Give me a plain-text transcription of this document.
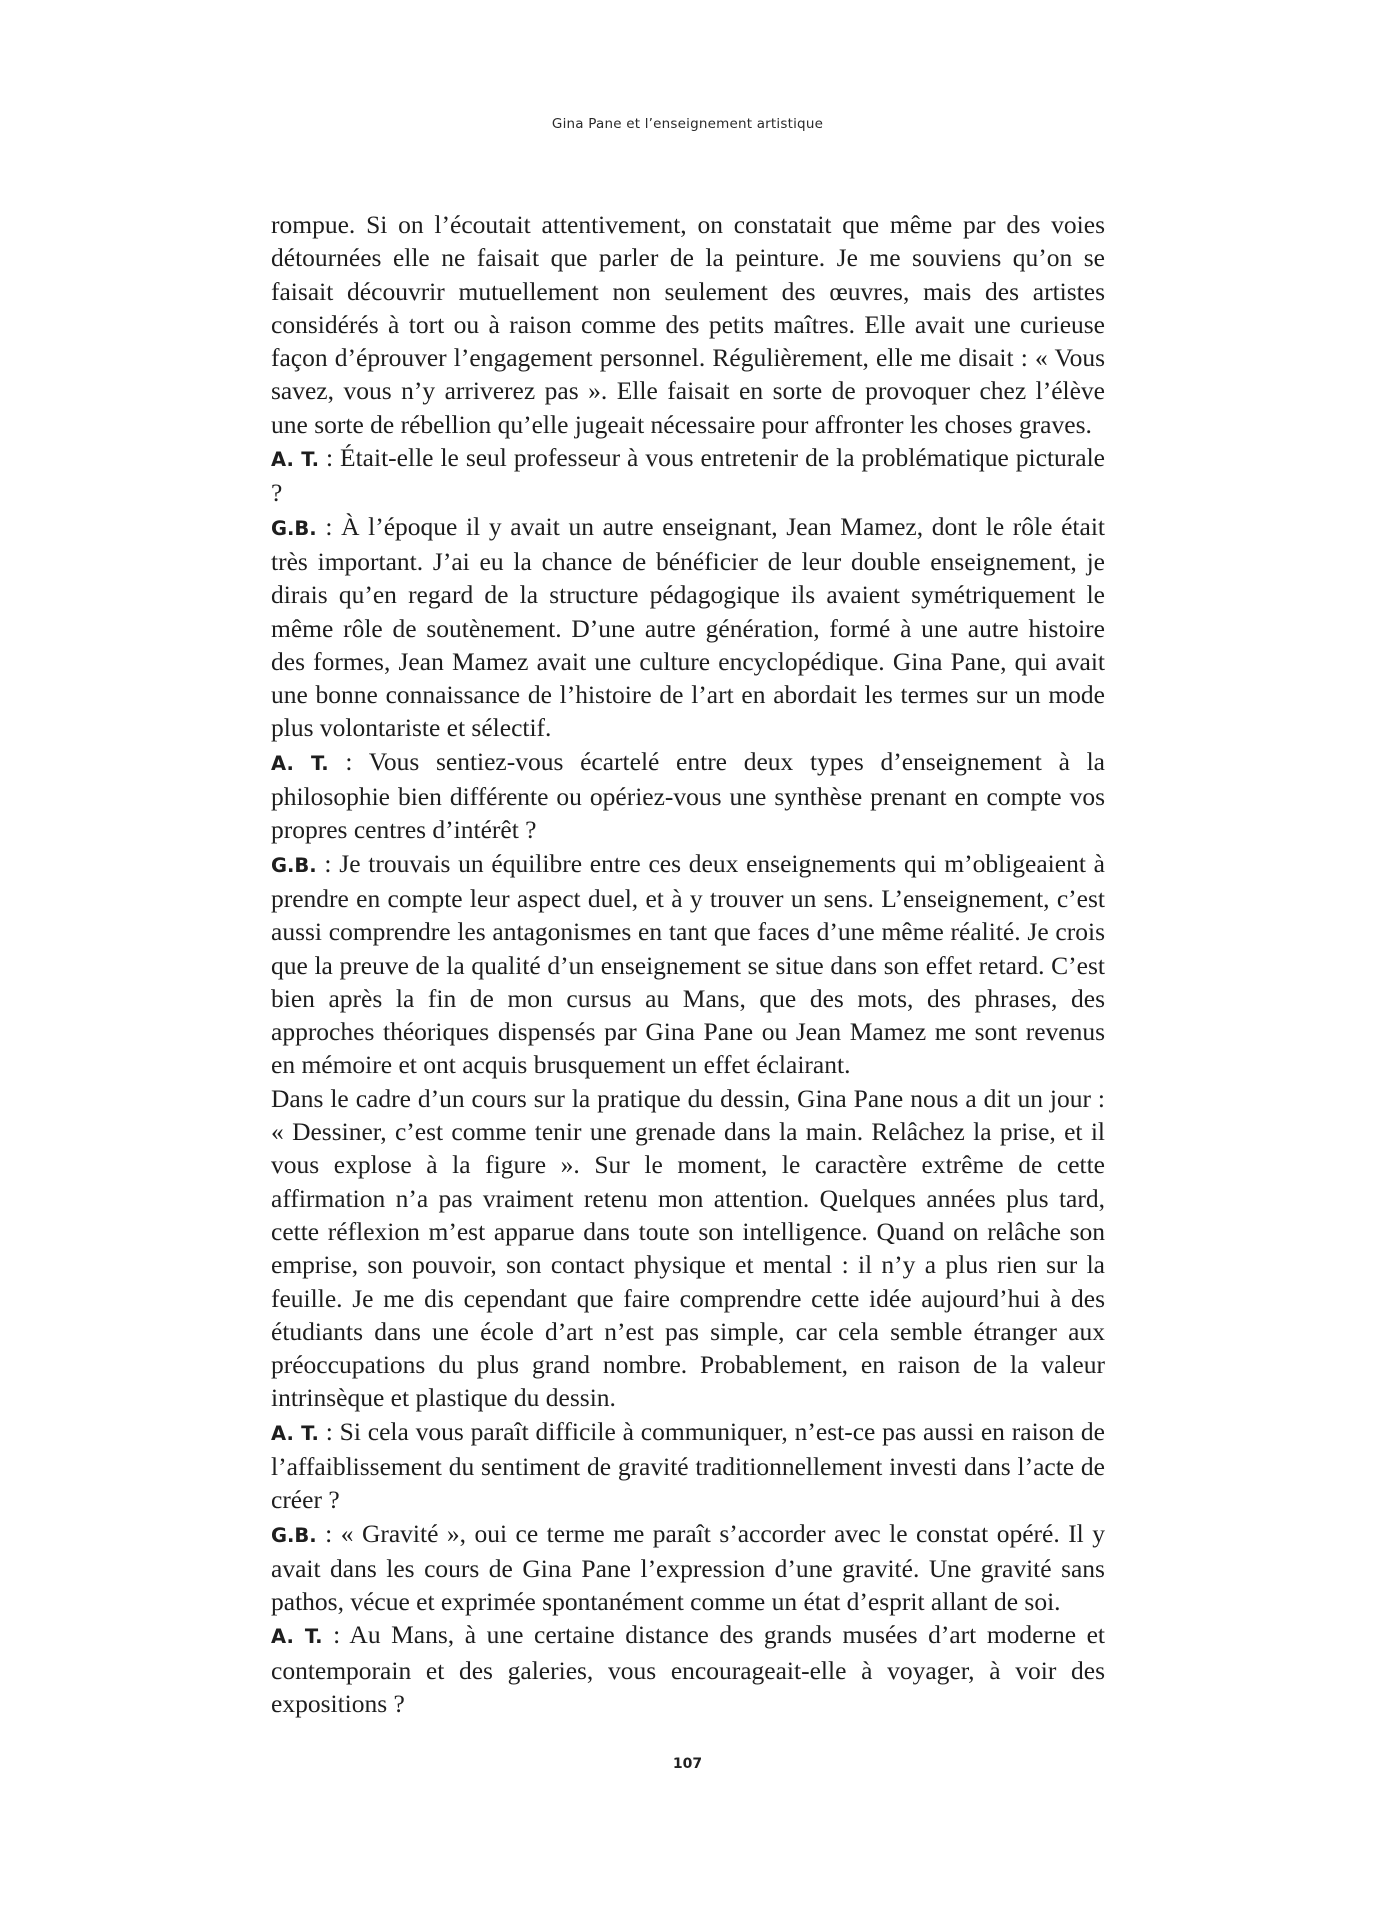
Gina Pane et l’enseignement artistique

rompue. Si on l’écoutait attentivement, on constatait que même par des voies détournées elle ne faisait que parler de la peinture. Je me souviens qu’on se faisait découvrir mutuellement non seulement des œuvres, mais des artistes considérés à tort ou à raison comme des petits maîtres. Elle avait une curieuse façon d’éprouver l’engagement personnel. Régulièrement, elle me disait : « Vous savez, vous n’y arriverez pas ». Elle faisait en sorte de provoquer chez l’élève une sorte de rébellion qu’elle jugeait nécessaire pour affronter les choses graves.

A. T. : Était-elle le seul professeur à vous entretenir de la problématique picturale ?

G.B. : À l’époque il y avait un autre enseignant, Jean Mamez, dont le rôle était très important. J’ai eu la chance de bénéficier de leur double enseignement, je dirais qu’en regard de la structure pédagogique ils avaient symétriquement le même rôle de soutènement. D’une autre génération, formé à une autre histoire des formes, Jean Mamez avait une culture encyclopédique. Gina Pane, qui avait une bonne connaissance de l’histoire de l’art en abordait les termes sur un mode plus volontariste et sélectif.

A. T. : Vous sentiez-vous écartelé entre deux types d’enseignement à la philosophie bien différente ou opériez-vous une synthèse prenant en compte vos propres centres d’intérêt ?

G.B. : Je trouvais un équilibre entre ces deux enseignements qui m’obligeaient à prendre en compte leur aspect duel, et à y trouver un sens. L’enseignement, c’est aussi comprendre les antagonismes en tant que faces d’une même réalité. Je crois que la preuve de la qualité d’un enseignement se situe dans son effet retard. C’est bien après la fin de mon cursus au Mans, que des mots, des phrases, des approches théoriques dispensés par Gina Pane ou Jean Mamez me sont revenus en mémoire et ont acquis brusquement un effet éclairant.

Dans le cadre d’un cours sur la pratique du dessin, Gina Pane nous a dit un jour : « Dessiner, c’est comme tenir une grenade dans la main. Relâchez la prise, et il vous explose à la figure ». Sur le moment, le caractère extrême de cette affirmation n’a pas vraiment retenu mon attention. Quelques années plus tard, cette réflexion m’est apparue dans toute son intelligence. Quand on relâche son emprise, son pouvoir, son contact physique et mental : il n’y a plus rien sur la feuille. Je me dis cependant que faire comprendre cette idée aujourd’hui à des étudiants dans une école d’art n’est pas simple, car cela semble étranger aux préoccupations du plus grand nombre. Probablement, en raison de la valeur intrinsèque et plastique du dessin.

A. T. : Si cela vous paraît difficile à communiquer, n’est-ce pas aussi en raison de l’affaiblissement du sentiment de gravité traditionnellement investi dans l’acte de créer ?

G.B. : « Gravité », oui ce terme me paraît s’accorder avec le constat opéré. Il y avait dans les cours de Gina Pane l’expression d’une gravité. Une gravité sans pathos, vécue et exprimée spontanément comme un état d’esprit allant de soi.

A. T. : Au Mans, à une certaine distance des grands musées d’art moderne et contemporain et des galeries, vous encourageait-elle à voyager, à voir des expositions ?

107
